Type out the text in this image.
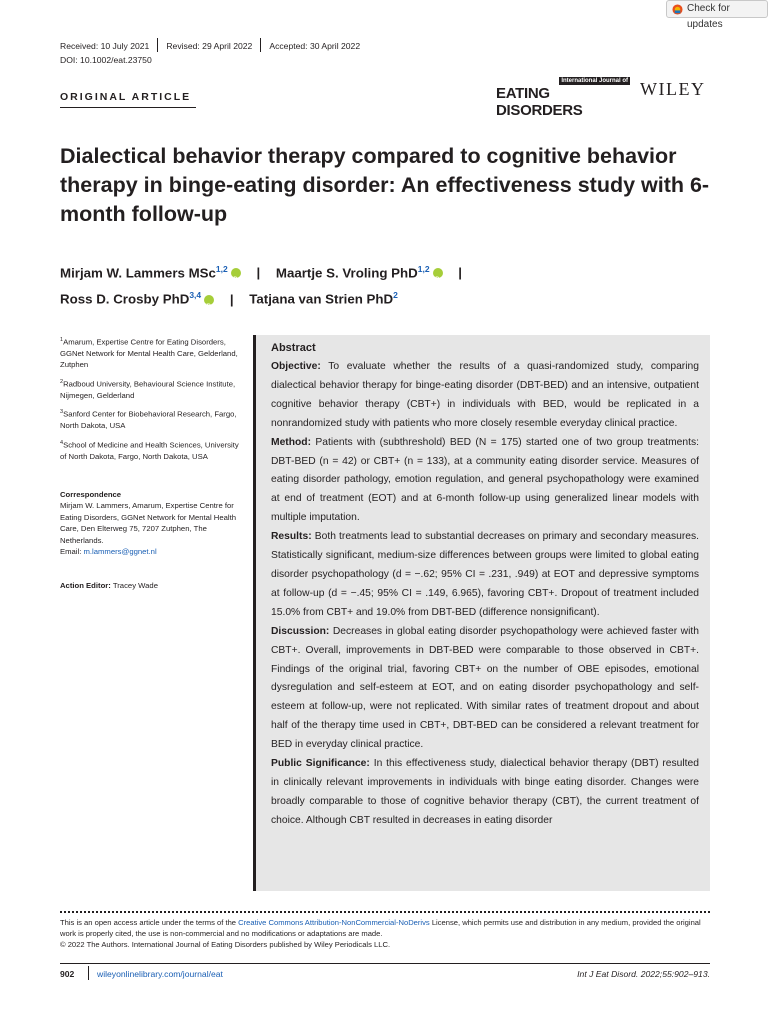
Check for updates
Received: 10 July 2021 Revised: 29 April 2022 Accepted: 30 April 2022
DOI: 10.1002/eat.23750
ORIGINAL ARTICLE
International Journal of
EATING DISORDERS
WILEY
Dialectical behavior therapy compared to cognitive behavior therapy in binge-eating disorder: An effectiveness study with 6-month follow-up
Mirjam W. Lammers MSc$^{1,2}$ iD | Maartje S. Vroling PhD$^{1,2}$ iD |
Ross D. Crosby PhD$^{3,4}$ iD | Tatjana van Strien PhD$^2$

$^1$Amarum, Expertise Centre for Eating Disorders, GGNet Network for Mental Health Care, Gelderland, Zutphen

$^2$Radboud University, Behavioural Science Institute, Nijmegen, Gelderland

$^3$Sanford Center for Biobehavioral Research, Fargo, North Dakota, USA

$^4$School of Medicine and Health Sciences, University of North Dakota, Fargo, North Dakota, USA

Correspondence
Mirjam W. Lammers, Amarum, Expertise Centre for Eating Disorders, GGNet Network for Mental Health Care, Den Elterweg 75, 7207 Zutphen, The Netherlands.
Email: m.lammers@ggnet.nl
Action Editor: Tracey Wade
Abstract

Objective: To evaluate whether the results of a quasi-randomized study, comparing dialectical behavior therapy for binge-eating disorder (DBT-BED) and an intensive, outpatient cognitive behavior therapy (CBT+) in individuals with BED, would be replicated in a nonrandomized study with patients who more closely resemble everyday clinical practice.

Method: Patients with (subthreshold) BED (N = 175) started one of two group treatments: DBT-BED (n = 42) or CBT+ (n = 133), at a community eating disorder service. Measures of eating disorder pathology, emotion regulation, and general psychopathology were examined at end of treatment (EOT) and at 6-month follow-up using generalized linear models with multiple imputation.

Results: Both treatments lead to substantial decreases on primary and secondary measures. Statistically significant, medium-size differences between groups were limited to global eating disorder psychopathology (d = −.62; 95% CI = .231, .949) at EOT and depressive symptoms at follow-up (d = −.45; 95% CI = .149, 6.965), favoring CBT+. Dropout of treatment included 15.0% from CBT+ and 19.0% from DBT-BED (difference nonsignificant).

Discussion: Decreases in global eating disorder psychopathology were achieved faster with CBT+. Overall, improvements in DBT-BED were comparable to those observed in CBT+. Findings of the original trial, favoring CBT+ on the number of OBE episodes, emotional dysregulation and self-esteem at EOT, and on eating disorder psychopathology and self-esteem at follow-up, were not replicated. With similar rates of treatment dropout and about half of the therapy time used in CBT+, DBT-BED can be considered a relevant treatment for BED in everyday clinical practice.

Public Significance: In this effectiveness study, dialectical behavior therapy (DBT) resulted in clinically relevant improvements in individuals with binge eating disorder. Changes were broadly comparable to those of cognitive behavior therapy (CBT), the current treatment of choice. Although CBT resulted in decreases in eating disorder

This is an open access article under the terms of the Creative Commons Attribution-NonCommercial-NoDerivs License, which permits use and distribution in any medium, provided the original work is properly cited, the use is non-commercial and no modifications or adaptations are made.
© 2022 The Authors. International Journal of Eating Disorders published by Wiley Periodicals LLC.
902	wileyonlinelibrary.com/journal/eat	Int J Eat Disord. 2022;55:902–913.
